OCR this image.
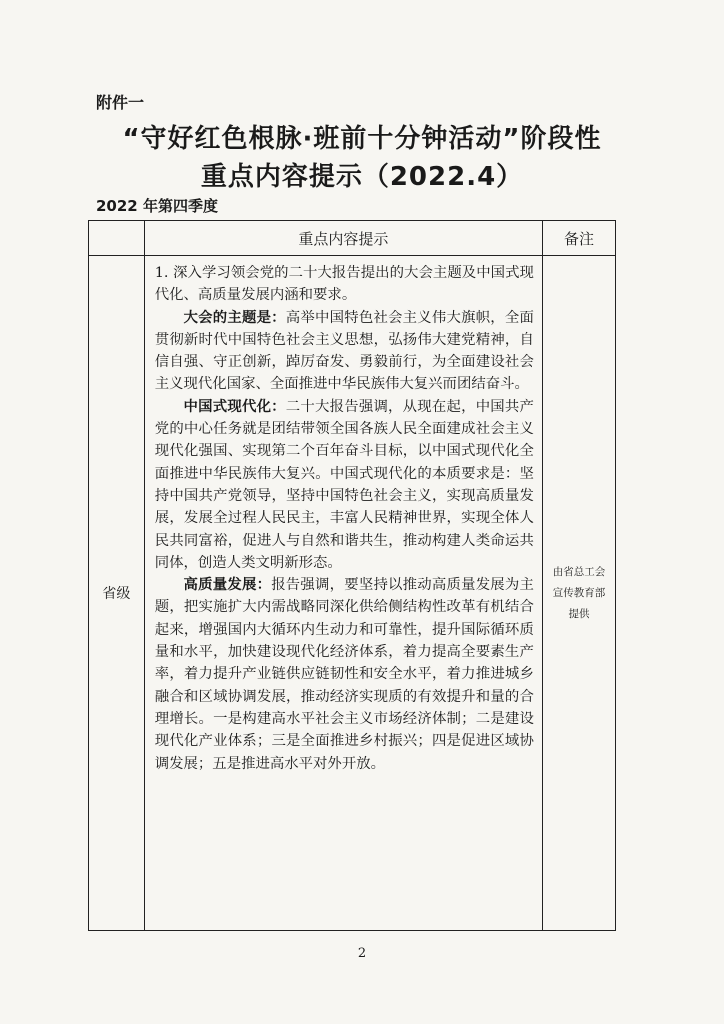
附件一
“守好红色根脉·班前十分钟活动”阶段性
重点内容提示（2022.4）
2022 年第四季度
	重点内容提示	备注
省级	1. 深入学习领会党的二十大报告提出的大会主题及中国式现代化、高质量发展内涵和要求。

大会的主题是：高举中国特色社会主义伟大旗帜，全面贯彻新时代中国特色社会主义思想，弘扬伟大建党精神，自信自强、守正创新，踔厉奋发、勇毅前行，为全面建设社会主义现代化国家、全面推进中华民族伟大复兴而团结奋斗。

中国式现代化：二十大报告强调，从现在起，中国共产党的中心任务就是团结带领全国各族人民全面建成社会主义现代化强国、实现第二个百年奋斗目标，以中国式现代化全面推进中华民族伟大复兴。中国式现代化的本质要求是：坚持中国共产党领导，坚持中国特色社会主义，实现高质量发展，发展全过程人民民主，丰富人民精神世界，实现全体人民共同富裕，促进人与自然和谐共生，推动构建人类命运共同体，创造人类文明新形态。

高质量发展：报告强调，要坚持以推动高质量发展为主题，把实施扩大内需战略同深化供给侧结构性改革有机结合起来，增强国内大循环内生动力和可靠性，提升国际循环质量和水平，加快建设现代化经济体系，着力提高全要素生产率，着力提升产业链供应链韧性和安全水平，着力推进城乡融合和区域协调发展，推动经济实现质的有效提升和量的合理增长。一是构建高水平社会主义市场经济体制；二是建设现代化产业体系；三是全面推进乡村振兴；四是促进区域协调发展；五是推进高水平对外开放。	由省总工会宣传教育部提供
2
